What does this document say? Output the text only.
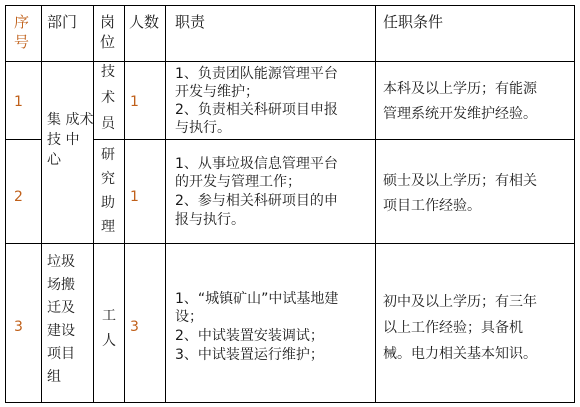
序
号
部门 岗
位
人数 职责	任职条件
1
技
术
员
1
1、负责团队能源管理平台
开发与维护；
2、负责相关科研项目申报
与执行。
本科及以上学历；有能源
管理系统开发维护经验。
集 成术
技 中
心
2
研
究
助
理
1
1、从事垃圾信息管理平台
的开发与管理工作；
2、参与相关科研项目的申
报与执行。
硕士及以上学历；有相关
项目工作经验。
3
垃圾
场搬
迁及
建设
项目
组
工
人
3
1、“城镇矿山”中试基地建
设；
2、中试装置安装调试；
3、中试装置运行维护；
初中及以上学历；有三年
以上工作经验；具备机
械。电力相关基本知识。
